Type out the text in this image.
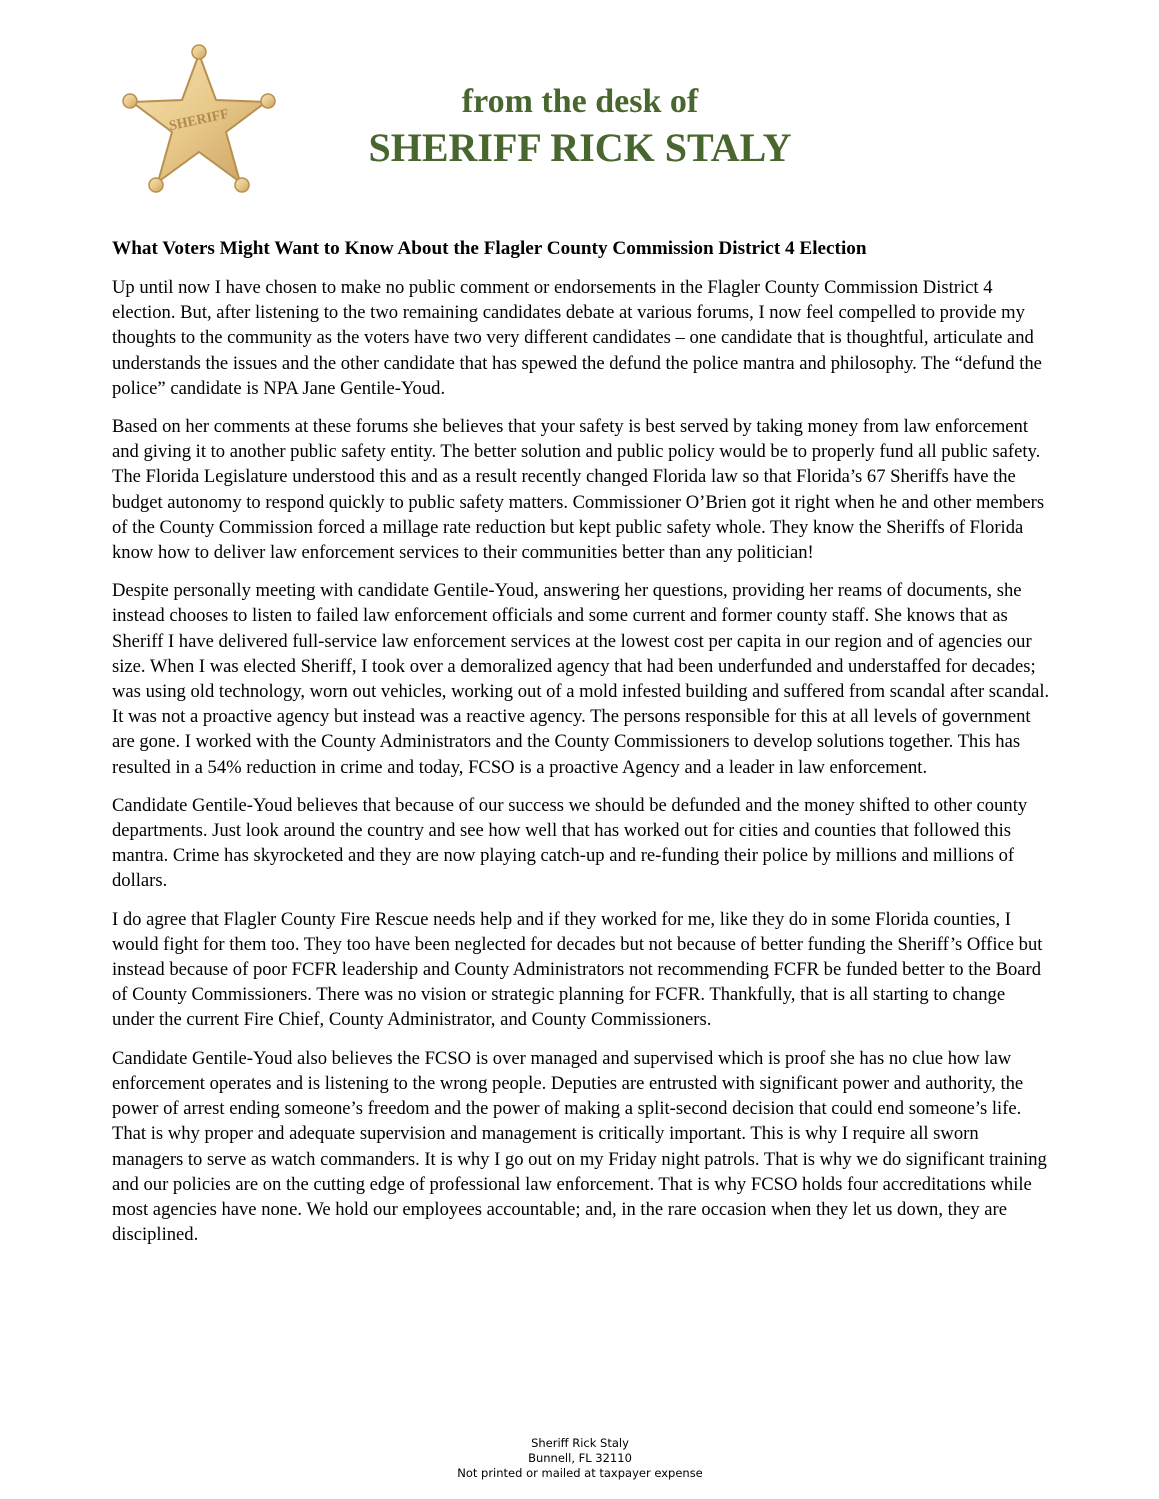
SHERIFF
from the desk of
SHERIFF RICK STALY
What Voters Might Want to Know About the Flagler County Commission District 4 Election

Up until now I have chosen to make no public comment or endorsements in the Flagler County Commission District 4 election. But, after listening to the two remaining candidates debate at various forums, I now feel compelled to provide my thoughts to the community as the voters have two very different candidates – one candidate that is thoughtful, articulate and understands the issues and the other candidate that has spewed the defund the police mantra and philosophy. The “defund the police” candidate is NPA Jane Gentile-Youd.

Based on her comments at these forums she believes that your safety is best served by taking money from law enforcement and giving it to another public safety entity. The better solution and public policy would be to properly fund all public safety. The Florida Legislature understood this and as a result recently changed Florida law so that Florida’s 67 Sheriffs have the budget autonomy to respond quickly to public safety matters. Commissioner O’Brien got it right when he and other members of the County Commission forced a millage rate reduction but kept public safety whole. They know the Sheriffs of Florida know how to deliver law enforcement services to their communities better than any politician!

Despite personally meeting with candidate Gentile-Youd, answering her questions, providing her reams of documents, she instead chooses to listen to failed law enforcement officials and some current and former county staff. She knows that as Sheriff I have delivered full-service law enforcement services at the lowest cost per capita in our region and of agencies our size. When I was elected Sheriff, I took over a demoralized agency that had been underfunded and understaffed for decades; was using old technology, worn out vehicles, working out of a mold infested building and suffered from scandal after scandal. It was not a proactive agency but instead was a reactive agency. The persons responsible for this at all levels of government are gone. I worked with the County Administrators and the County Commissioners to develop solutions together. This has resulted in a 54% reduction in crime and today, FCSO is a proactive Agency and a leader in law enforcement.

Candidate Gentile-Youd believes that because of our success we should be defunded and the money shifted to other county departments. Just look around the country and see how well that has worked out for cities and counties that followed this mantra. Crime has skyrocketed and they are now playing catch-up and re-funding their police by millions and millions of dollars.

I do agree that Flagler County Fire Rescue needs help and if they worked for me, like they do in some Florida counties, I would fight for them too. They too have been neglected for decades but not because of better funding the Sheriff’s Office but instead because of poor FCFR leadership and County Administrators not recommending FCFR be funded better to the Board of County Commissioners. There was no vision or strategic planning for FCFR. Thankfully, that is all starting to change under the current Fire Chief, County Administrator, and County Commissioners.

Candidate Gentile-Youd also believes the FCSO is over managed and supervised which is proof she has no clue how law enforcement operates and is listening to the wrong people. Deputies are entrusted with significant power and authority, the power of arrest ending someone’s freedom and the power of making a split-second decision that could end someone’s life. That is why proper and adequate supervision and management is critically important. This is why I require all sworn managers to serve as watch commanders. It is why I go out on my Friday night patrols. That is why we do significant training and our policies are on the cutting edge of professional law enforcement. That is why FCSO holds four accreditations while most agencies have none. We hold our employees accountable; and, in the rare occasion when they let us down, they are disciplined.

Sheriff Rick Staly
Bunnell, FL 32110
Not printed or mailed at taxpayer expense
